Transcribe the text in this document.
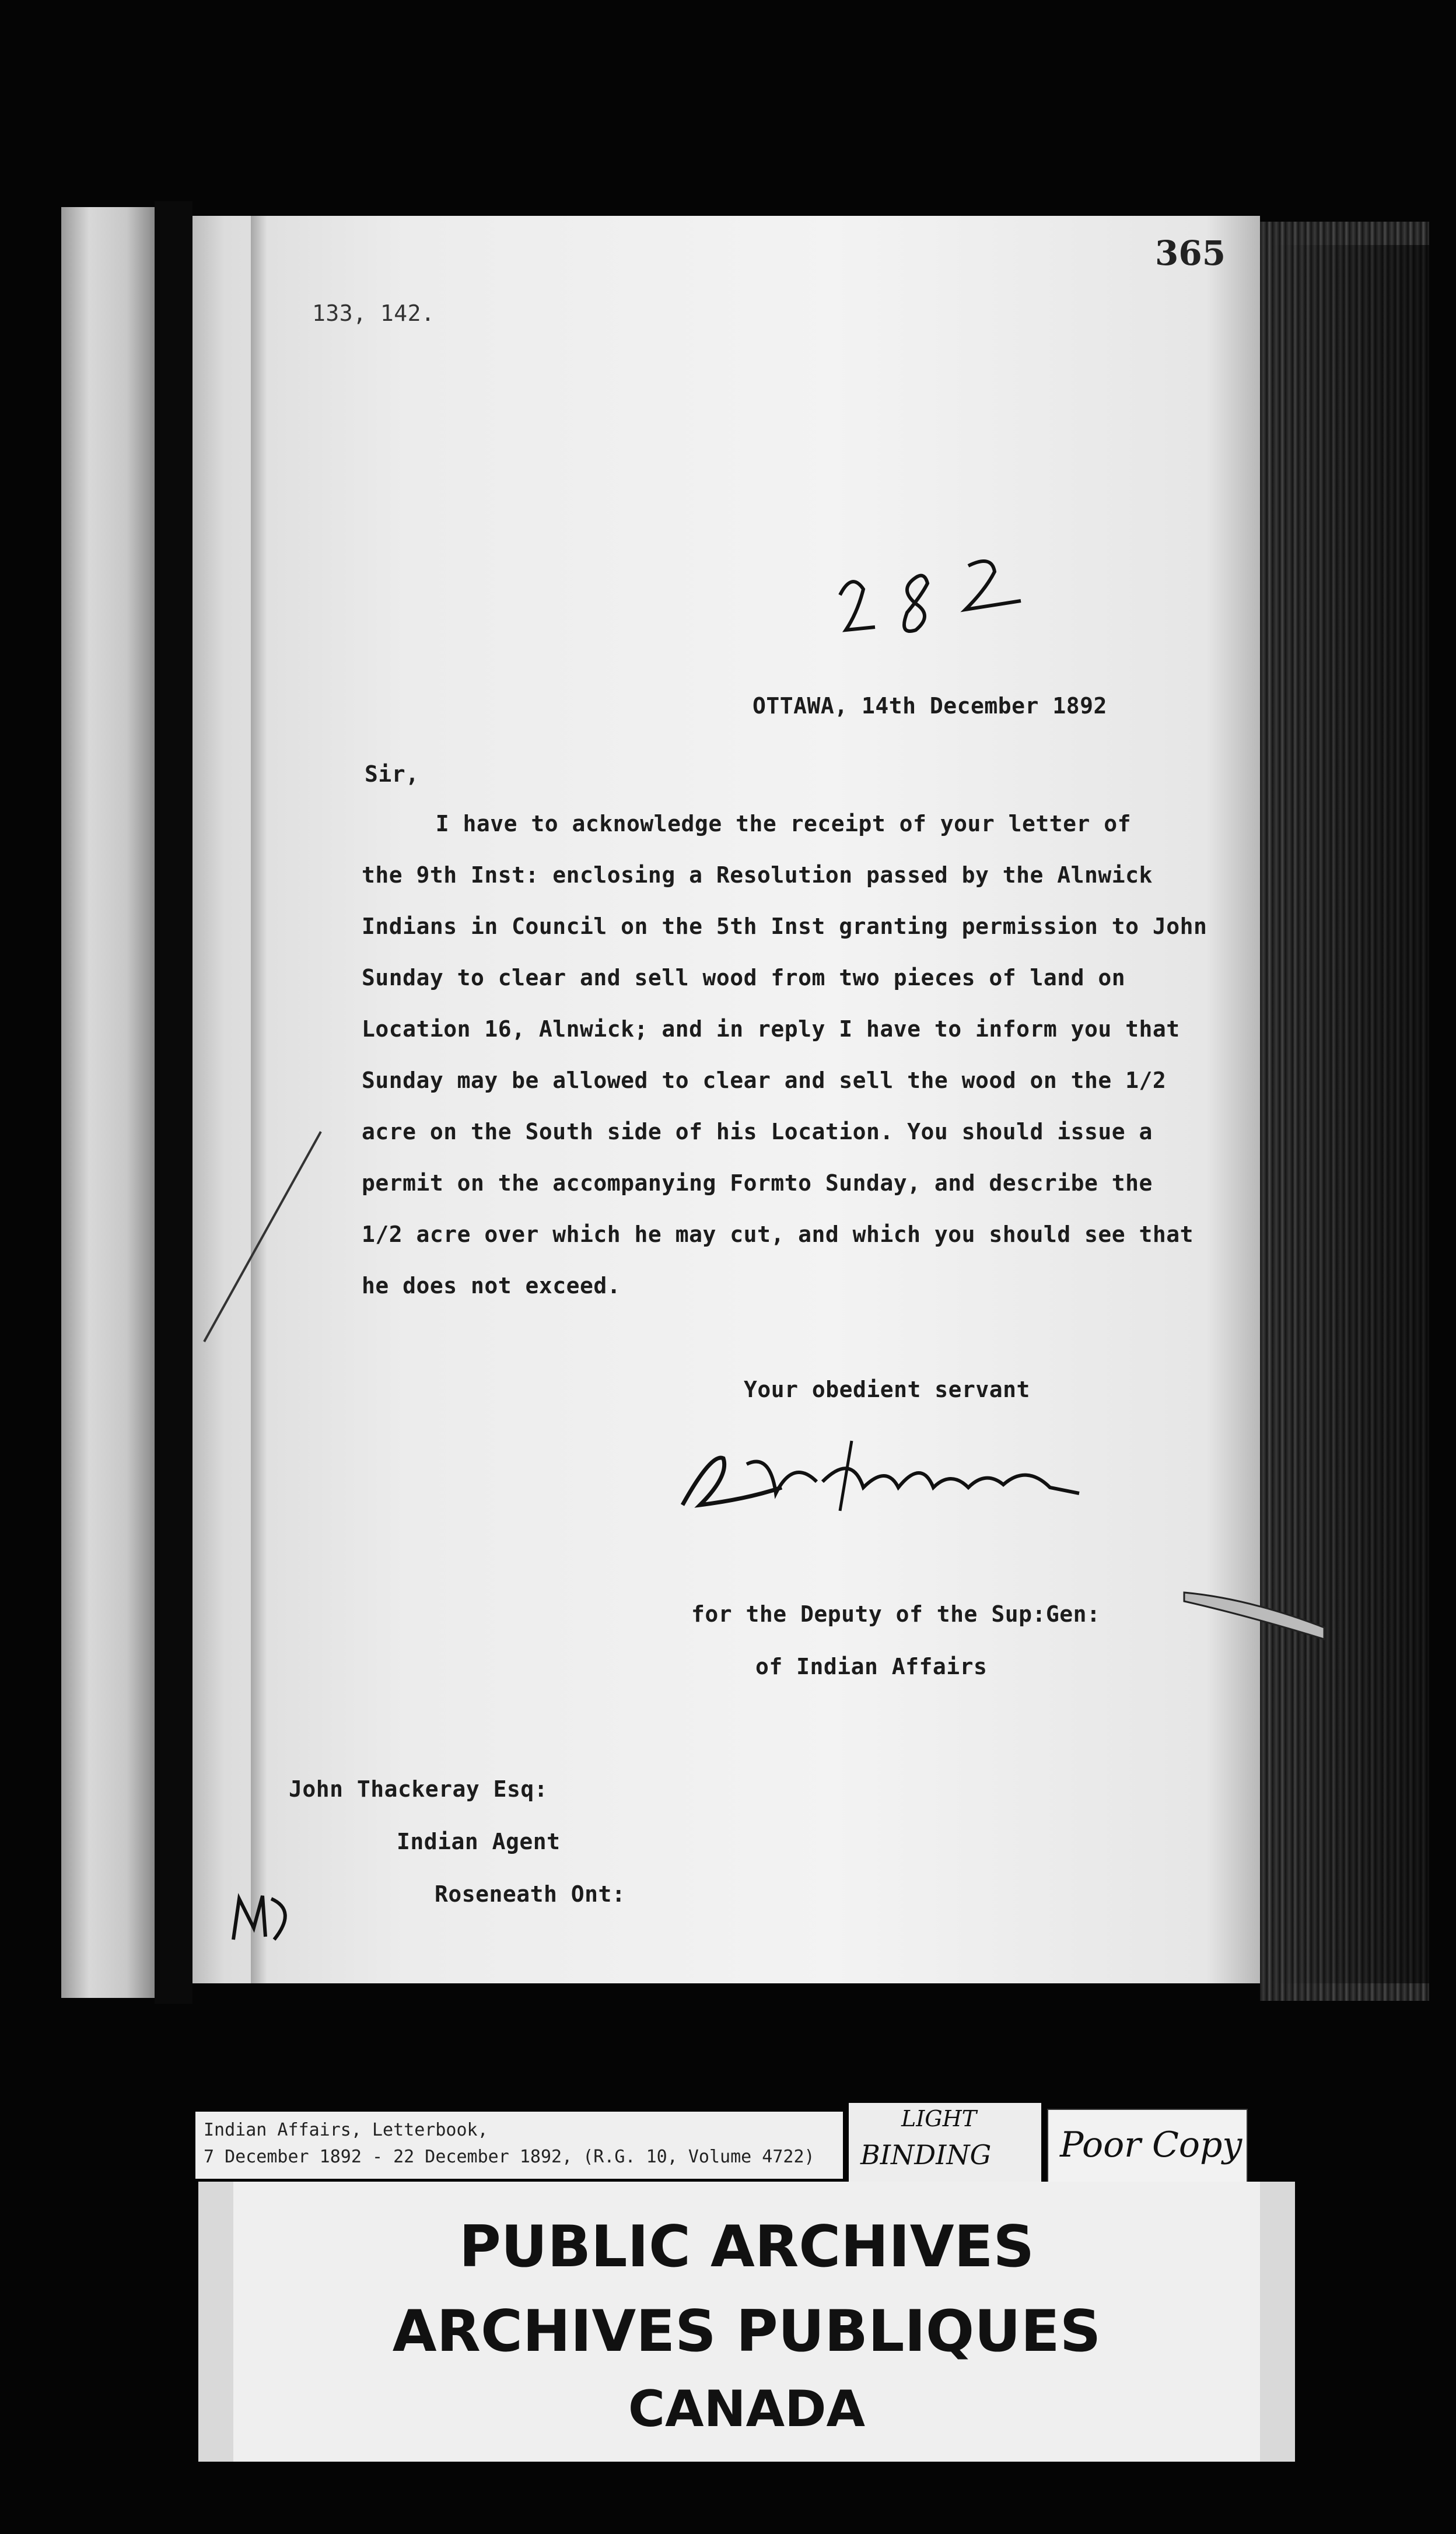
365
133, 142.
OTTAWA, 14th December 1892
Sir,
I have to acknowledge the receipt of your letter of
the 9th Inst: enclosing a Resolution passed by the Alnwick
Indians in Council on the 5th Inst granting permission to John
Sunday to clear and sell wood from two pieces of land on
Location 16, Alnwick; and in reply I have to inform you that
Sunday may be allowed to clear and sell the wood on the 1/2
acre on the South side of his Location. You should issue a
permit on the accompanying Formto Sunday, and describe the
1/2 acre over which he may cut, and which you should see that
he does not exceed.
Your obedient servant
for the Deputy of the Sup:Gen:
of Indian Affairs
John Thackeray Esq:
Indian Agent
Roseneath Ont:
Indian Affairs, Letterbook,
7 December 1892 - 22 December 1892, (R.G. 10, Volume 4722)
LIGHT
BINDING Poor Copy
PUBLIC ARCHIVES
ARCHIVES PUBLIQUES
CANADA
